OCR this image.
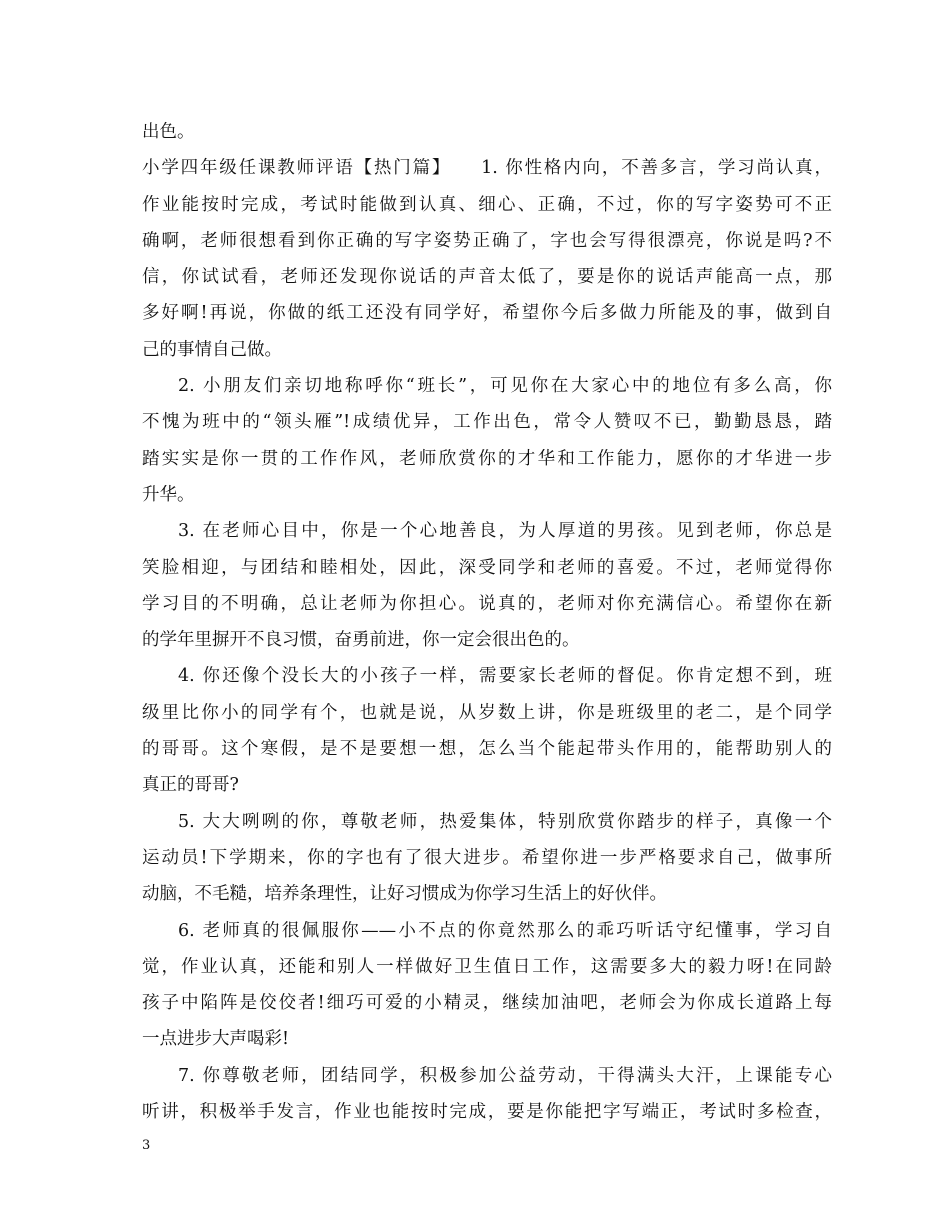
出色。
小学四年级任课教师评语【热门篇】　　1. 你性格内向，不善多言，学习尚认真，
作业能按时完成，考试时能做到认真、细心、正确，不过，你的写字姿势可不正
确啊，老师很想看到你正确的写字姿势正确了，字也会写得很漂亮，你说是吗?不
信，你试试看，老师还发现你说话的声音太低了，要是你的说话声能高一点，那
多好啊!再说，你做的纸工还没有同学好，希望你今后多做力所能及的事，做到自
己的事情自己做。
2. 小朋友们亲切地称呼你“班长”，可见你在大家心中的地位有多么高，你
不愧为班中的“领头雁”!成绩优异，工作出色，常令人赞叹不已，勤勤恳恳，踏
踏实实是你一贯的工作作风，老师欣赏你的才华和工作能力，愿你的才华进一步
升华。
3. 在老师心目中，你是一个心地善良，为人厚道的男孩。见到老师，你总是
笑脸相迎，与团结和睦相处，因此，深受同学和老师的喜爱。不过，老师觉得你
学习目的不明确，总让老师为你担心。说真的，老师对你充满信心。希望你在新
的学年里摒开不良习惯，奋勇前进，你一定会很出色的。
4. 你还像个没长大的小孩子一样，需要家长老师的督促。你肯定想不到，班
级里比你小的同学有个，也就是说，从岁数上讲，你是班级里的老二，是个同学
的哥哥。这个寒假，是不是要想一想，怎么当个能起带头作用的，能帮助别人的
真正的哥哥?
5. 大大咧咧的你，尊敬老师，热爱集体，特别欣赏你踏步的样子，真像一个
运动员!下学期来，你的字也有了很大进步。希望你进一步严格要求自己，做事所
动脑，不毛糙，培养条理性，让好习惯成为你学习生活上的好伙伴。
6. 老师真的很佩服你——小不点的你竟然那么的乖巧听话守纪懂事，学习自
觉，作业认真，还能和别人一样做好卫生值日工作，这需要多大的毅力呀!在同龄
孩子中陷阵是佼佼者!细巧可爱的小精灵，继续加油吧，老师会为你成长道路上每
一点进步大声喝彩!
7. 你尊敬老师，团结同学，积极参加公益劳动，干得满头大汗，上课能专心
听讲，积极举手发言，作业也能按时完成，要是你能把字写端正，考试时多检查，
3
